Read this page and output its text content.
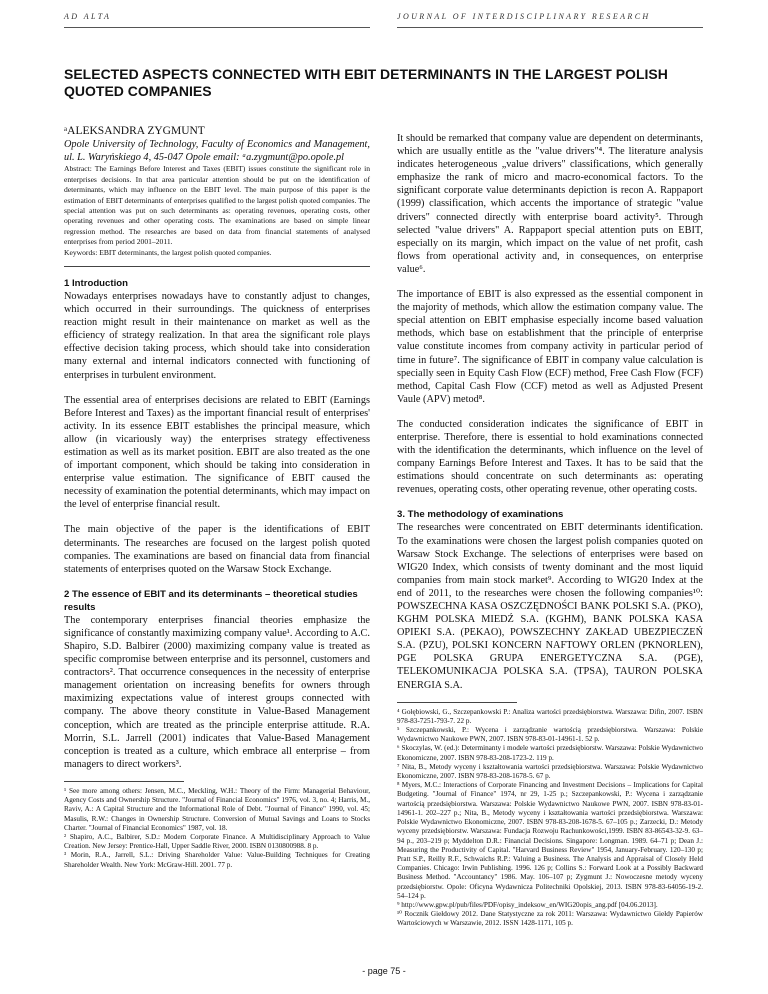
AD ALTA	JOURNAL OF INTERDISCIPLINARY RESEARCH
SELECTED ASPECTS CONNECTED WITH EBIT DETERMINANTS IN THE LARGEST POLISH QUOTED COMPANIES

ᵃALEKSANDRA ZYGMUNT

Opole University of Technology, Faculty of Economics and Management, ul. L. Waryńskiego 4, 45-047 Opole email: ᵃa.zygmunt@po.opole.pl

Abstract: The Earnings Before Interest and Taxes (EBIT) issues constitute the significant role in enterprises decisions. In that area particular attention should be put on the identification of determinants, which may influence on the EBIT level. The main purpose of this paper is the estimation of EBIT determinants of enterprises qualified to the largest polish quoted companies. The special attention was put on such determinants as: operating revenues, operating costs, other operating revenues and other operating costs. The examinations are based on simple linear regression method. The researches are based on data from financial statements of analysed enterprises from period 2001–2011.

Keywords: EBIT determinants, the largest polish quoted companies.

1 Introduction

Nowadays enterprises nowadays have to constantly adjust to changes, which occurred in their surroundings. The quickness of enterprises reaction might result in their maintenance on market as well as the efficiency of strategy realization. In that area the significant role plays effective decision taking process, which should take into consideration many external and internal indicators connected with functioning of enterprises in turbulent environment.

The essential area of enterprises decisions are related to EBIT (Earnings Before Interest and Taxes) as the important financial result of enterprises' activity. In its essence EBIT establishes the principal measure, which allow (in vicariously way) the enterprises strategy effectiveness estimation as well as its market position. EBIT are also treated as the one of important component, which should be taking into consideration in enterprise value estimation. The significance of EBIT caused the necessity of examination the potential determinants, which may impact on the level of enterprise financial result.

The main objective of the paper is the identifications of EBIT determinants. The researches are focused on the largest polish quoted companies. The examinations are based on financial data from financial statements of enterprises quoted on the Warsaw Stock Exchange.

2 The essence of EBIT and its determinants – theoretical studies results

The contemporary enterprises financial theories emphasize the significance of constantly maximizing company value¹. According to A.C. Shapiro, S.D. Balbirer (2000) maximizing company value is treated as specific compromise between enterprise and its personnel, customers and contractors². That occurrence consequences in the necessity of enterprise management orientation on increasing benefits for owners through maximizing expectations value of interest groups connected with company. The above theory constitute in Value-Based Management conception, which are treated as the principle enterprise attitude. R.A. Morrin, S.L. Jarrell (2001) indicates that Value-Based Management conception is treated as a culture, which embrace all enterprise – from managers to direct workers³.

¹ See more among others: Jensen, M.C., Meckling, W.H.: Theory of the Firm: Managerial Behaviour, Agency Costs and Ownership Structure. "Journal of Financial Economics" 1976, vol. 3, no. 4; Harris, M., Raviv, A.: A Capital Structure and the Informational Role of Debt. "Journal of Finance" 1990, vol. 45; Masulis, R.W.: Changes in Ownership Structure. Conversion of Mutual Savings and Loans to Stocks Charter. "Journal of Financial Economics" 1987, vol. 18.

² Shapiro, A.C., Balbirer, S.D.: Modern Corporate Finance. A Multidisciplinary Approach to Value Creation. New Jersey: Prentice-Hall, Upper Saddle River, 2000. ISBN 0130800988. 8 p.

³ Morin, R.A., Jarrell, S.L.: Driving Shareholder Value: Value-Building Techniques for Creating Shareholder Wealth. New York: McGraw-Hill. 2001. 77 p.

It should be remarked that company value are dependent on determinants, which are usually entitle as the "value drivers"⁴. The literature analysis indicates heterogeneous „value drivers" classifications, which generally emphasize the rank of micro and macro-economical factors. To the significant corporate value determinants depiction is recon A. Rappaport (1999) classification, which accents the importance of strategic "value drivers" connected directly with enterprise board activity⁵. Through selected "value drivers" A. Rappaport special attention puts on EBIT, especially on its margin, which impact on the value of net profit, cash flows from operational activity and, in consequences, on enterprise value⁶.

The importance of EBIT is also expressed as the essential component in the majority of methods, which allow the estimation company value. The special attention on EBIT emphasise especially income based valuation methods, which base on establishment that the principle of enterprise value constitute incomes from company activity in particular period of time in future⁷. The significance of EBIT in company value calculation is specially seen in Equity Cash Flow (ECF) method, Free Cash Flow (FCF) method, Capital Cash Flow (CCF) metod as well as Adjusted Present Vaule (APV) metod⁸.

The conducted consideration indicates the significance of EBIT in enterprise. Therefore, there is essential to hold examinations connected with the identification the determinants, which influence on the level of company Earnings Before Interest and Taxes. It has to be said that the estimations should concentrate on such determinants as: operating revenues, operating costs, other operating revenue, other operating costs.

3. The methodology of examinations

The researches were concentrated on EBIT determinants identification. To the examinations were chosen the largest polish companies quoted on Warsaw Stock Exchange. The selections of enterprises were based on WIG20 Index, which consists of twenty dominant and the most liquid companies from main stock market⁹. According to WIG20 Index at the end of 2011, to the researches were chosen the following companies¹⁰: POWSZECHNA KASA OSZCZĘDNOŚCI BANK POLSKI S.A. (PKO), KGHM POLSKA MIEDŹ S.A. (KGHM), BANK POLSKA KASA OPIEKI S.A. (PEKAO), POWSZECHNY ZAKŁAD UBEZPIECZEŃ S.A. (PZU), POLSKI KONCERN NAFTOWY ORLEN (PKNORLEN), PGE POLSKA GRUPA ENERGETYCZNA S.A. (PGE), TELEKOMUNIKACJA POLSKA S.A. (TPSA), TAURON POLSKA ENERGIA S.A.

⁴ Gołębiowski, G., Szczepankowski P.: Analiza wartości przedsiębiorstwa. Warszawa: Difin, 2007. ISBN 978-83-7251-793-7. 22 p.

⁵ Szczepankowski, P.: Wycena i zarządzanie wartością przedsiębiorstwa. Warszawa: Polskie Wydawnictwo Naukowe PWN, 2007. ISBN 978-83-01-14961-1. 52 p.

⁶ Skoczylas, W. (ed.): Determinanty i modele wartości przedsiębiorstw. Warszawa: Polskie Wydawnictwo Ekonomiczne, 2007. ISBN 978-83-208-1723-2. 119 p.

⁷ Nita, B., Metody wyceny i kształtowania wartości przedsiębiorstwa. Warszawa: Polskie Wydawnictwo Ekonomiczne, 2007. ISBN 978-83-208-1678-5. 67 p.

⁸ Myers, M.C.: Interactions of Corporate Financing and Investment Decisions – Implications for Capital Budgeting. "Journal of Finance" 1974, nr 29, 1-25 p.; Szczepankowski, P.: Wycena i zarządzanie wartością przedsiębiorstwa. Warszawa: Polskie Wydawnictwo Naukowe PWN, 2007. ISBN 978-83-01-14961-1. 202–227 p.; Nita, B., Metody wyceny i kształtowania wartości przedsiębiorstwa. Warszawa: Polskie Wydawnictwo Ekonomiczne, 2007. ISBN 978-83-208-1678-5. 67–105 p.; Zarzecki, D.: Metody wyceny przedsiębiorstw. Warszawa: Fundacja Rozwoju Rachunkowości,1999. ISBN 83-86543-32-9. 63–94 p., 203–219 p; Myddelton D.R.: Financial Decisions. Singapore: Longman. 1989. 64–71 p; Dean J.: Measuring the Productivity of Capital. "Harvard Business Review" 1954, January-February. 120–130 p; Pratt S.P., Reilly R.F., Schwaichs R.P.: Valuing a Business. The Analysis and Appraisal of Closely Held Companies. Chicago: Irwin Publishing. 1996. 126 p; Collins S.: Forward Look at a Possibly Backward Business Method. "Accountancy" 1986. May. 106–107 p; Zygmunt J.: Nowoczesne metody wyceny przedsiębiorstw. Opole: Oficyna Wydawnicza Politechniki Opolskiej, 2013. ISBN 978-83-64056-19-2. 54–124 p.

⁹ http://www.gpw.pl/pub/files/PDF/opisy_indeksow_en/WIG20opis_ang.pdf [04.06.2013].

¹⁰ Rocznik Giełdowy 2012. Dane Statystyczne za rok 2011: Warszawa: Wydawnictwo Giełdy Papierów Wartościowych w Warszawie, 2012. ISSN 1428-1171, 105 p.

- page 75 -
